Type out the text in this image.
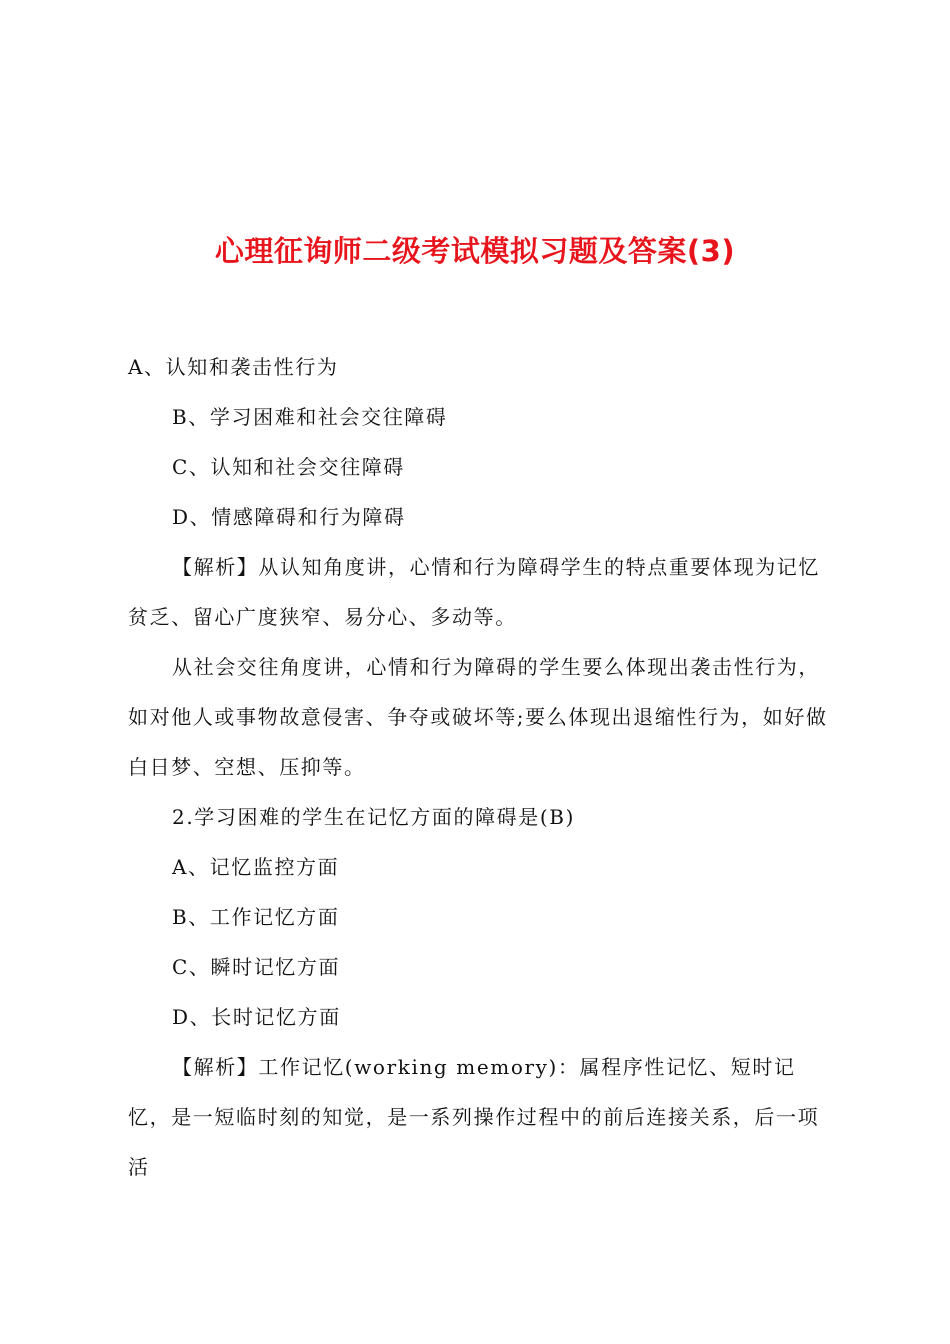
心理征询师二级考试模拟习题及答案(3)

A、认知和袭击性行为

B、学习困难和社会交往障碍

C、认知和社会交往障碍

D、情感障碍和行为障碍

【解析】从认知角度讲，心情和行为障碍学生的特点重要体现为记忆贫乏、留心广度狭窄、易分心、多动等。

从社会交往角度讲，心情和行为障碍的学生要么体现出袭击性行为，如对他人或事物故意侵害、争夺或破坏等;要么体现出退缩性行为，如好做白日梦、空想、压抑等。

2.学习困难的学生在记忆方面的障碍是(B)

A、记忆监控方面

B、工作记忆方面

C、瞬时记忆方面

D、长时记忆方面

【解析】工作记忆(working memory)：属程序性记忆、短时记忆，是一短临时刻的知觉，是一系列操作过程中的前后连接关系，后一项活
